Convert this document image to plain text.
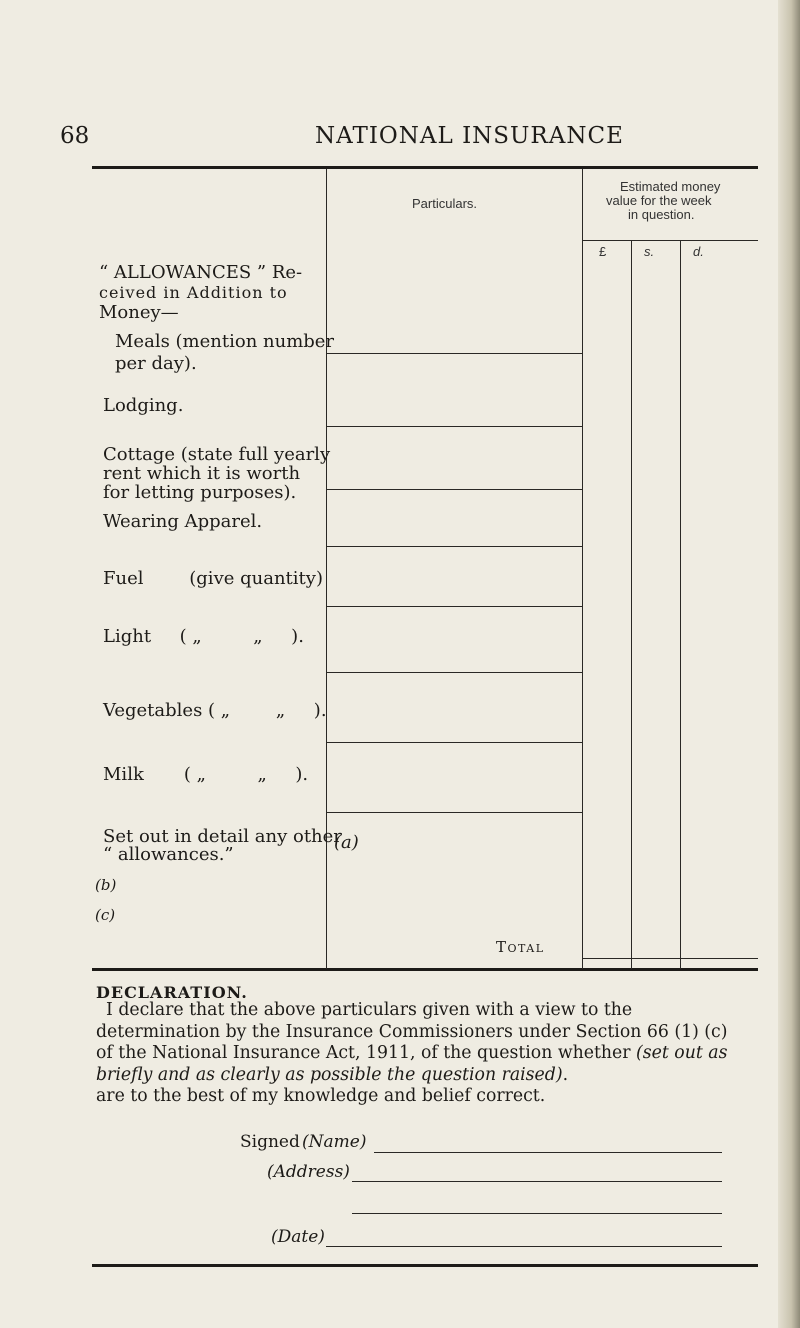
68	NATIONAL INSURANCE
Particulars.
Estimated money
value for the week
in question.
£	s.	d.
“ ALLOWANCES ” Re-
ceived in Addition to
Money—
Meals (mention number
per day).
Lodging.
Cottage (state full yearly
rent which it is worth
for letting purposes).
Wearing Apparel.
Fuel        (give quantity)
Light     ( „         „     ).
Vegetables ( „        „     ).
Milk       ( „         „     ).
Set out in detail any other
“ allowances.”
(a)
(b)
(c)
Total
DECLARATION.

I declare that the above particulars given with a view to the determination by the Insurance Commissioners under Section 66 (1) (c) of the National Insurance Act, 1911, of the question whether (set out as briefly and as clearly as possible the question raised).

are to the best of my knowledge and belief correct.

Signed (Name)
(Address)
(Date)
